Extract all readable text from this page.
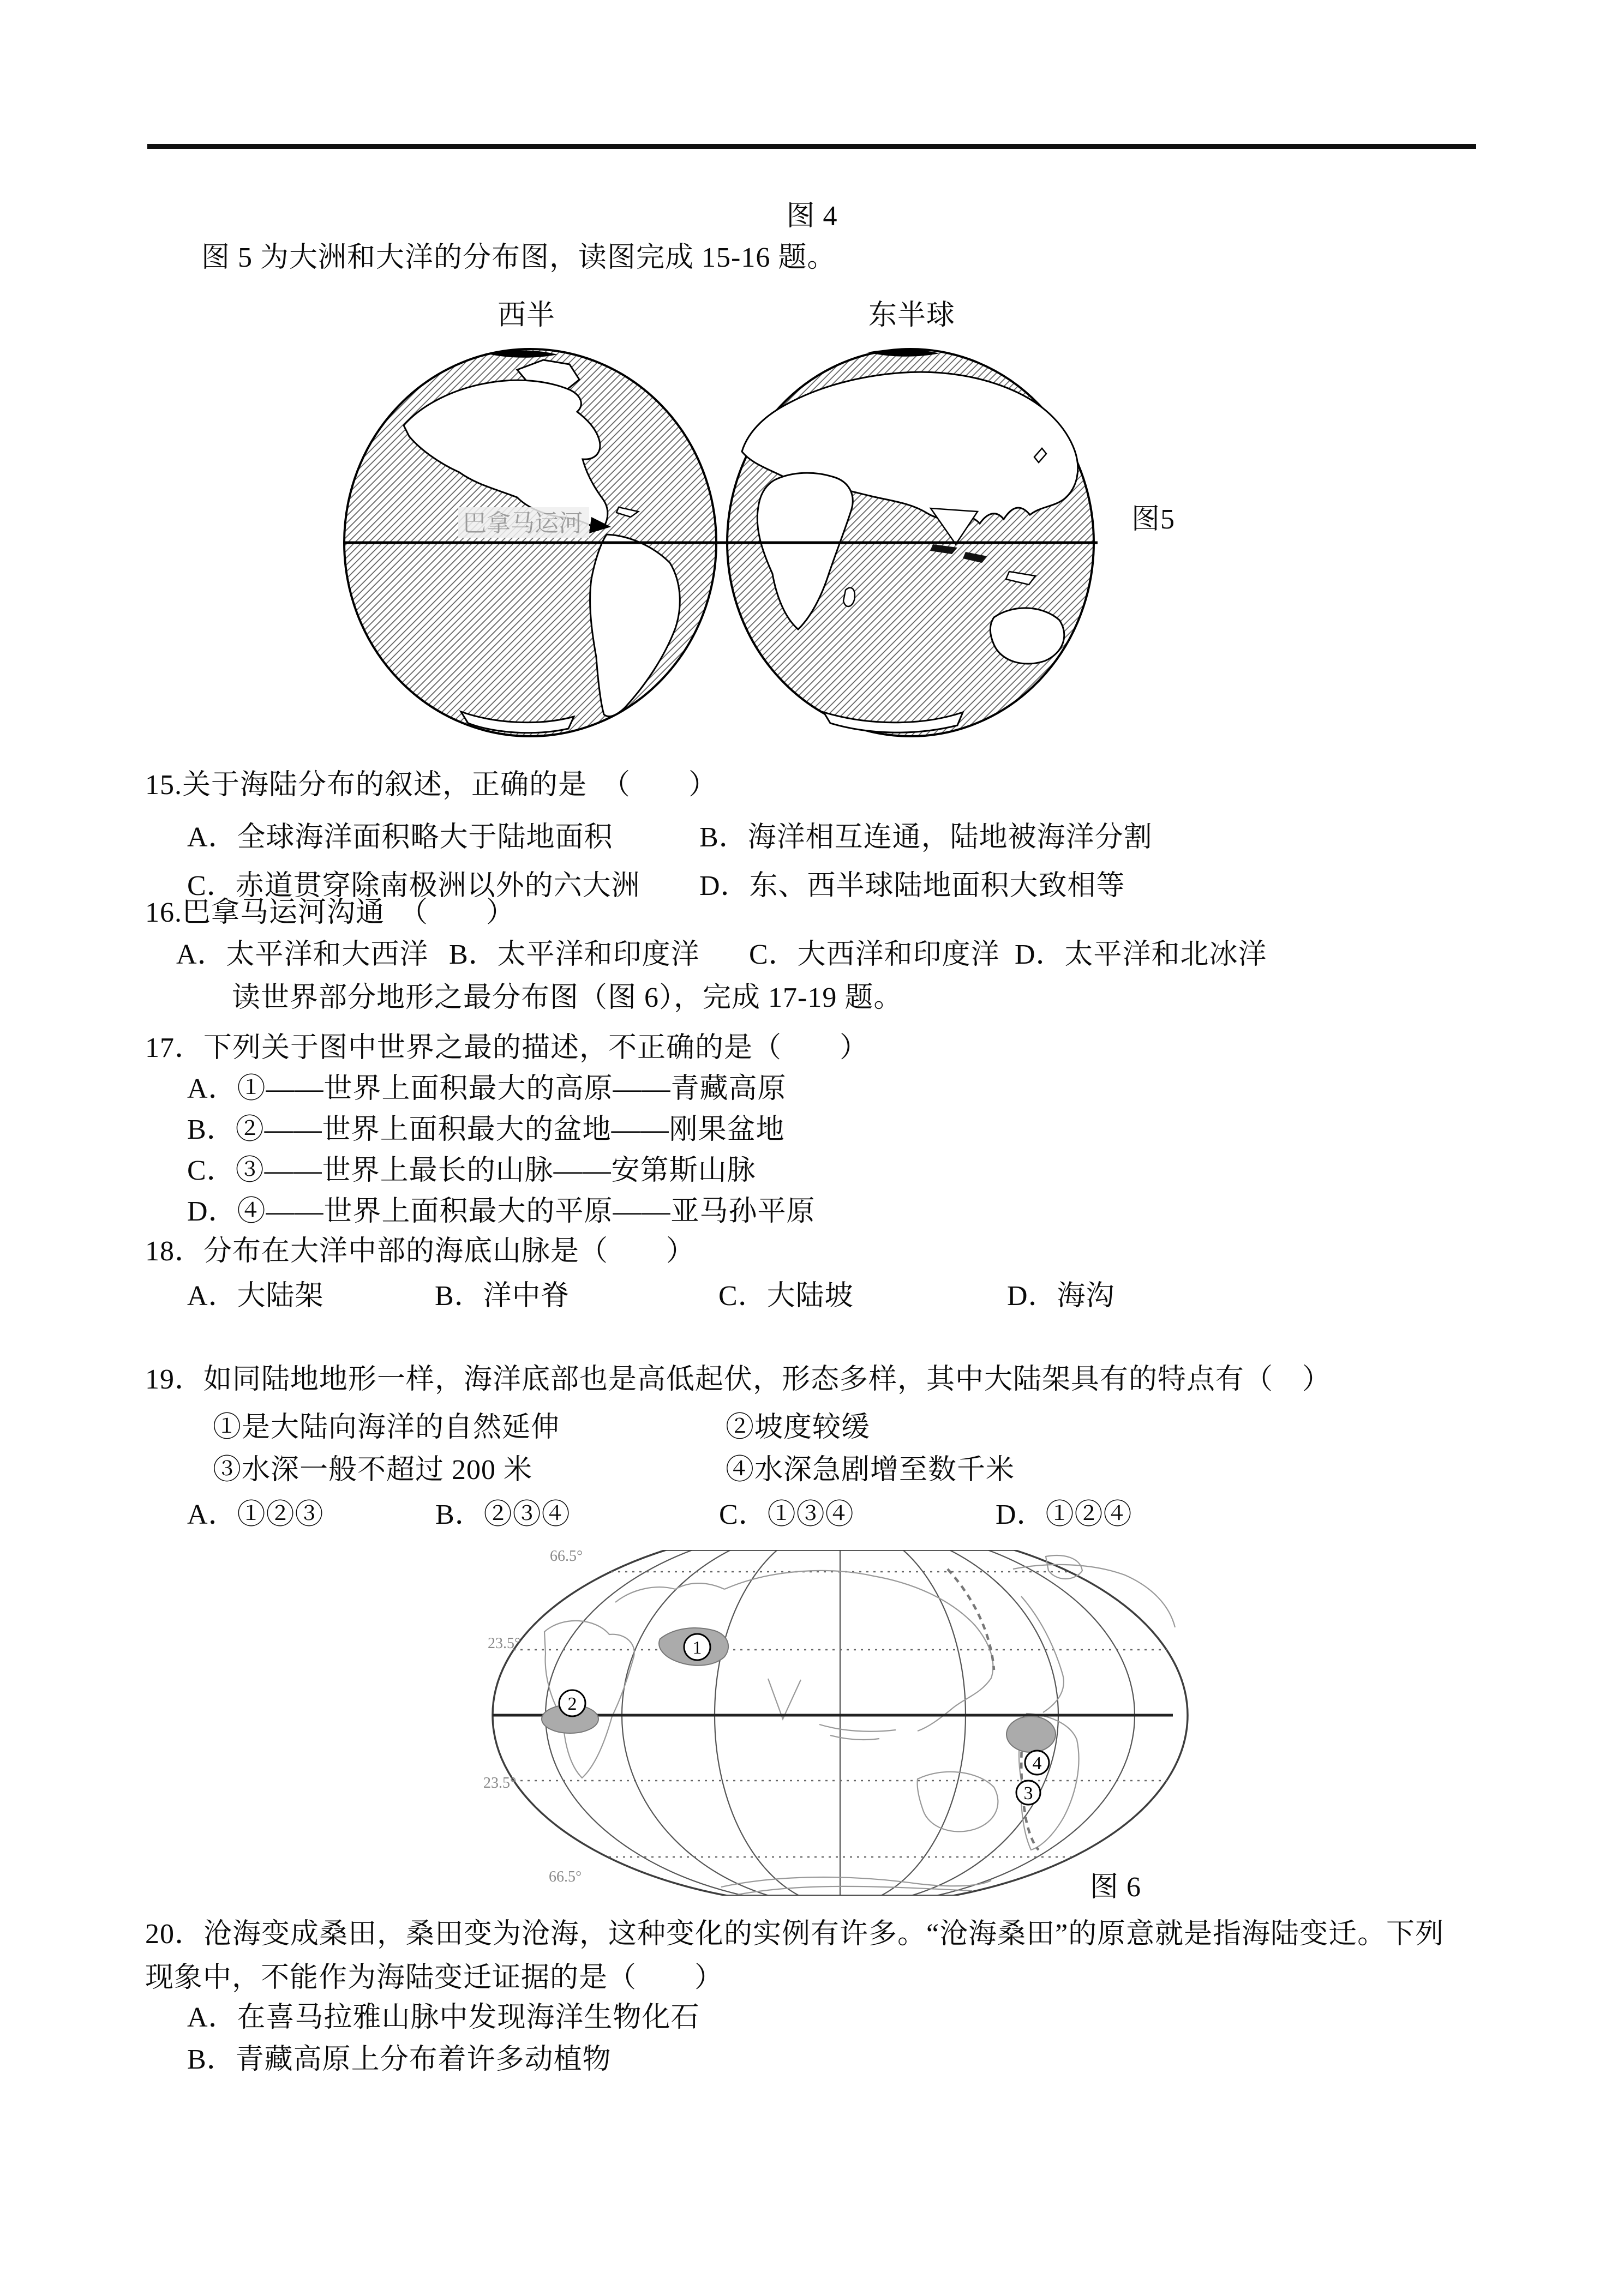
图 4
图 5 为大洲和大洋的分布图，读图完成 15-16 题。
西半	东半球
巴拿马运河	图5
15.关于海陆分布的叙述，正确的是　（　　）
A．全球海洋面积略大于陆地面积	B．海洋相互连通，陆地被海洋分割
C．赤道贯穿除南极洲以外的六大洲 D．东、西半球陆地面积大致相等
16.巴拿马运河沟通　（　　）
A．太平洋和大西洋 B．太平洋和印度洋 C．大西洋和印度洋 D．太平洋和北冰洋
读世界部分地形之最分布图（图 6），完成 17-19 题。
17．下列关于图中世界之最的描述，不正确的是（　　）
A．①——世界上面积最大的高原——青藏高原
B．②——世界上面积最大的盆地——刚果盆地
C．③——世界上最长的山脉——安第斯山脉
D．④——世界上面积最大的平原——亚马孙平原
18．分布在大洋中部的海底山脉是（　　）
A．大陆架	B．洋中脊	C．大陆坡	D．海沟
19．如同陆地地形一样，海洋底部也是高低起伏，形态多样，其中大陆架具有的特点有（　）
①是大陆向海洋的自然延伸	②坡度较缓
③水深一般不超过 200 米	④水深急剧增至数千米
A．①②③	B．②③④	C．①③④	D．①②④
66.5°
23.5°
23.5°
66.5°
1
2
4
3
图 6
20．沧海变成桑田，桑田变为沧海，这种变化的实例有许多。“沧海桑田”的原意就是指海陆变迁。下列
现象中，不能作为海陆变迁证据的是（　　）
A．在喜马拉雅山脉中发现海洋生物化石
B．青藏高原上分布着许多动植物
